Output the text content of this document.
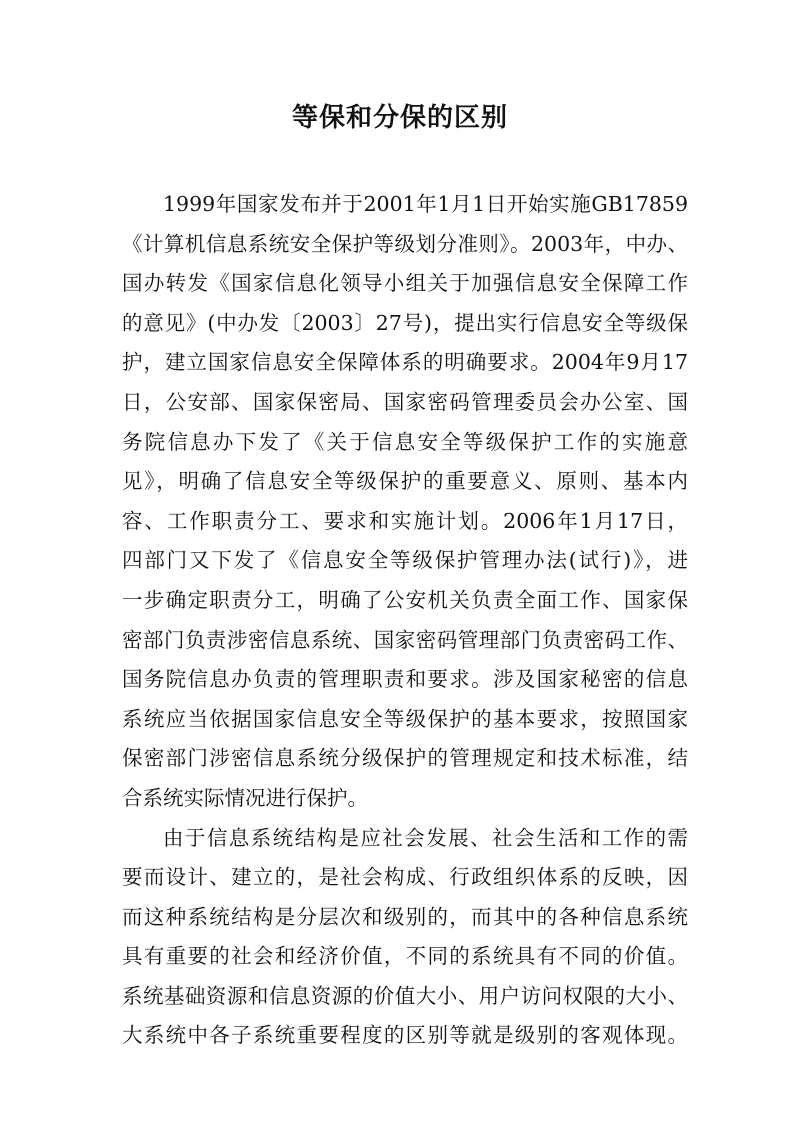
等保和分保的区别

1999年国家发布并于2001年1月1日开始实施GB17859
《计算机信息系统安全保护等级划分准则》。2003年，中办、
国办转发《国家信息化领导小组关于加强信息安全保障工作
的意见》(中办发〔2003〕27号)，提出实行信息安全等级保
护，建立国家信息安全保障体系的明确要求。2004年9月17
日，公安部、国家保密局、国家密码管理委员会办公室、国
务院信息办下发了《关于信息安全等级保护工作的实施意
见》，明确了信息安全等级保护的重要意义、原则、基本内
容、工作职责分工、要求和实施计划。2006年1月17日，
四部门又下发了《信息安全等级保护管理办法(试行)》，进
一步确定职责分工，明确了公安机关负责全面工作、国家保
密部门负责涉密信息系统、国家密码管理部门负责密码工作、
国务院信息办负责的管理职责和要求。涉及国家秘密的信息
系统应当依据国家信息安全等级保护的基本要求，按照国家
保密部门涉密信息系统分级保护的管理规定和技术标准，结
合系统实际情况进行保护。

由于信息系统结构是应社会发展、社会生活和工作的需
要而设计、建立的，是社会构成、行政组织体系的反映，因
而这种系统结构是分层次和级别的，而其中的各种信息系统
具有重要的社会和经济价值，不同的系统具有不同的价值。
系统基础资源和信息资源的价值大小、用户访问权限的大小、
大系统中各子系统重要程度的区别等就是级别的客观体现。
